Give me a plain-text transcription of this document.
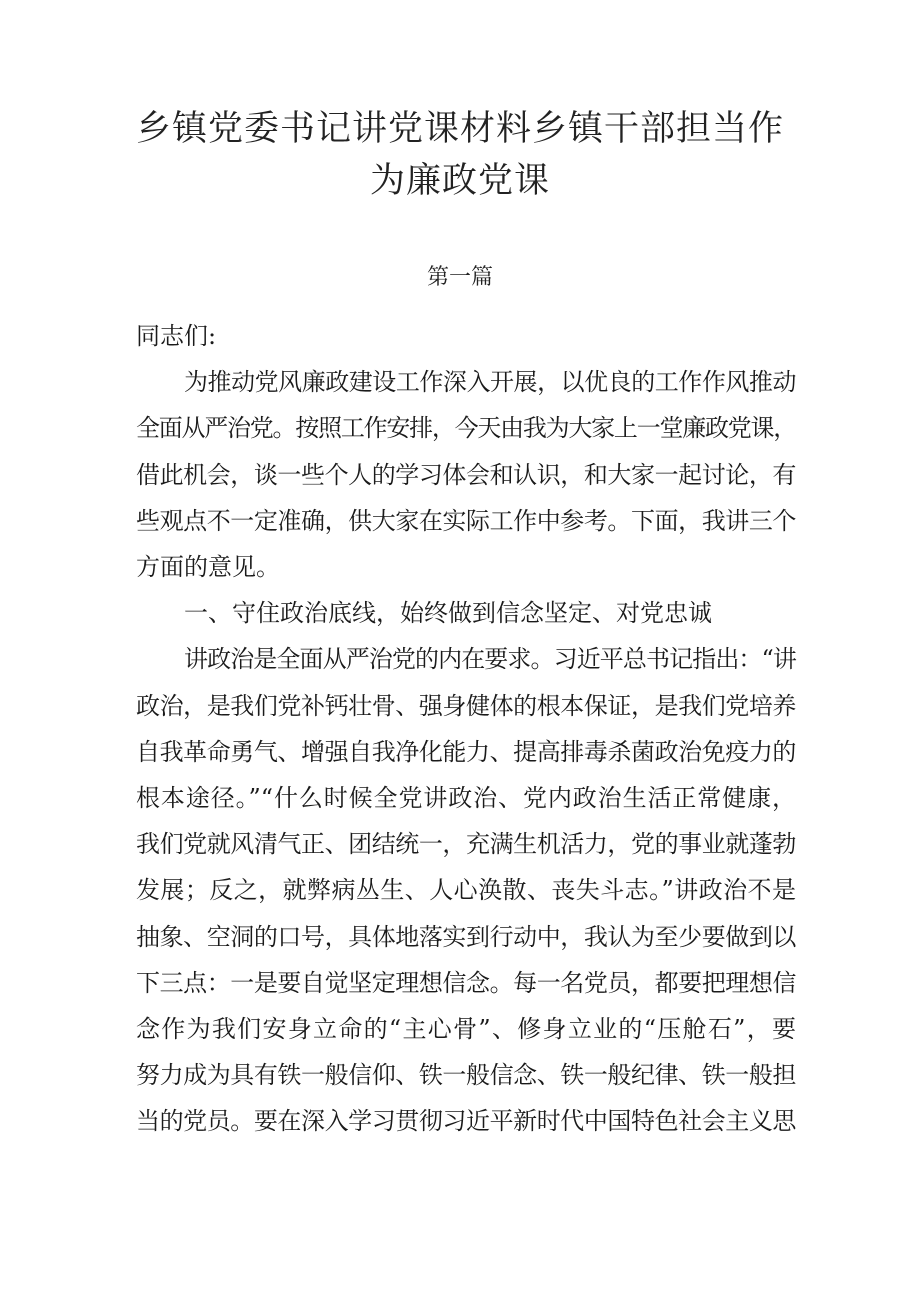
乡镇党委书记讲党课材料乡镇干部担当作
为廉政党课
第一篇

同志们:

为推动党风廉政建设工作深入开展，以优良的工作作风推动
全面从严治党。按照工作安排，今天由我为大家上一堂廉政党课，
借此机会，谈一些个人的学习体会和认识，和大家一起讨论，有
些观点不一定准确，供大家在实际工作中参考。下面，我讲三个
方面的意见。

一、守住政治底线，始终做到信念坚定、对党忠诚

讲政治是全面从严治党的内在要求。习近平总书记指出：“讲
政治，是我们党补钙壮骨、强身健体的根本保证，是我们党培养
自我革命勇气、增强自我净化能力、提高排毒杀菌政治免疫力的
根本途径。”“什么时候全党讲政治、党内政治生活正常健康，
我们党就风清气正、团结统一，充满生机活力，党的事业就蓬勃
发展；反之，就弊病丛生、人心涣散、丧失斗志。”讲政治不是
抽象、空洞的口号，具体地落实到行动中，我认为至少要做到以
下三点：一是要自觉坚定理想信念。每一名党员，都要把理想信
念作为我们安身立命的“主心骨”、修身立业的“压舱石”，要
努力成为具有铁一般信仰、铁一般信念、铁一般纪律、铁一般担
当的党员。要在深入学习贯彻习近平新时代中国特色社会主义思
